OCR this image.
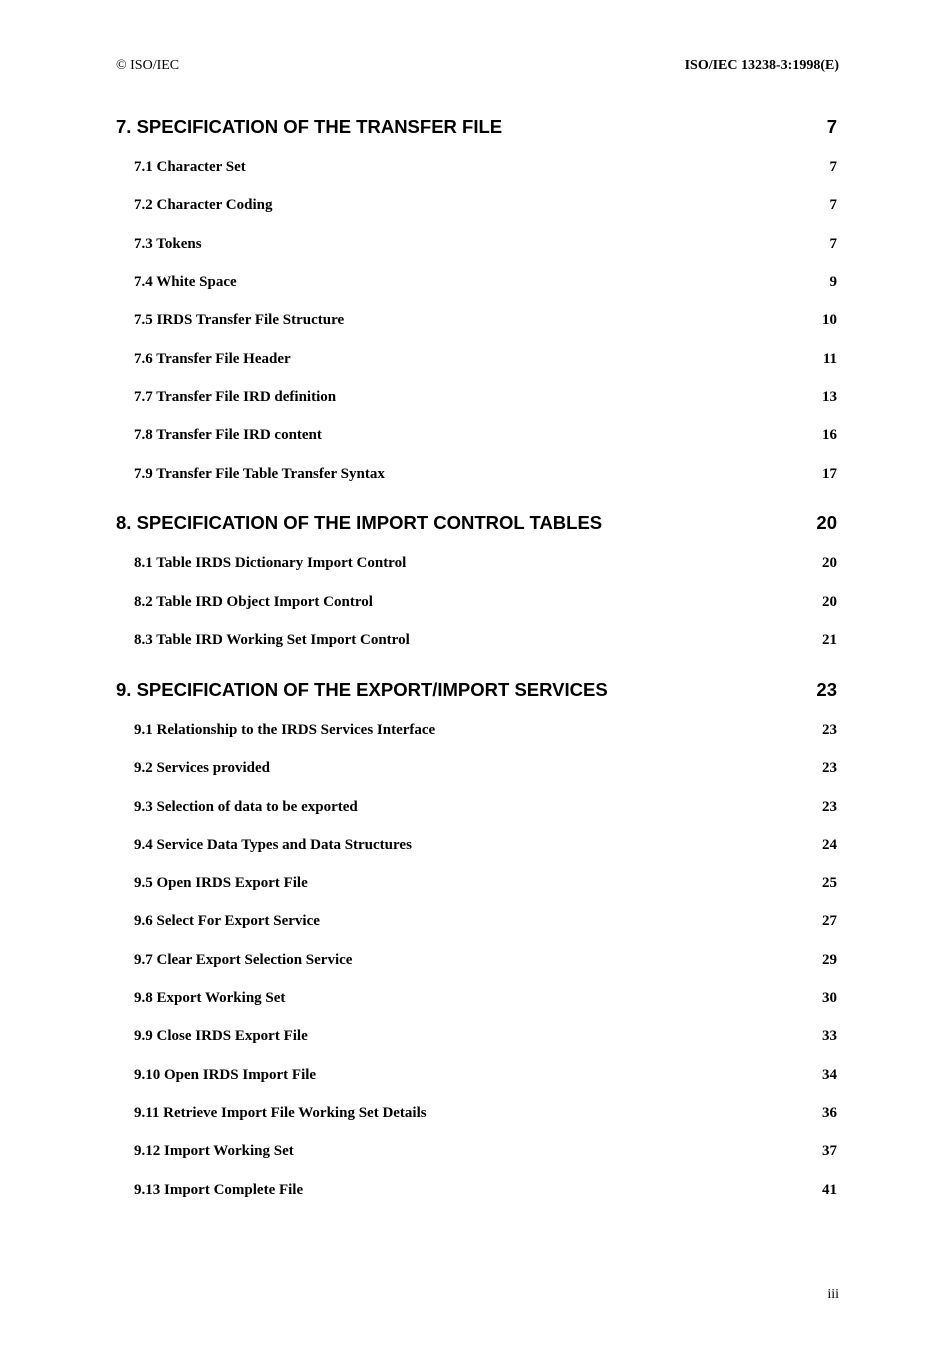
© ISO/IEC	ISO/IEC 13238-3:1998(E)
7. SPECIFICATION OF THE TRANSFER FILE	7
7.1 Character Set	7
7.2 Character Coding	7
7.3 Tokens	7
7.4 White Space	9
7.5 IRDS Transfer File Structure	10
7.6 Transfer File Header	11
7.7 Transfer File IRD definition	13
7.8 Transfer File IRD content	16
7.9 Transfer File Table Transfer Syntax	17
8. SPECIFICATION OF THE IMPORT CONTROL TABLES	20
8.1 Table IRDS Dictionary Import Control	20
8.2 Table IRD Object Import Control	20
8.3 Table IRD Working Set Import Control	21
9. SPECIFICATION OF THE EXPORT/IMPORT SERVICES	23
9.1 Relationship to the IRDS Services Interface	23
9.2 Services provided	23
9.3 Selection of data to be exported	23
9.4 Service Data Types and Data Structures	24
9.5 Open IRDS Export File	25
9.6 Select For Export Service	27
9.7 Clear Export Selection Service	29
9.8 Export Working Set	30
9.9 Close IRDS Export File	33
9.10 Open IRDS Import File	34
9.11 Retrieve Import File Working Set Details	36
9.12 Import Working Set	37
9.13 Import Complete File	41
iii
